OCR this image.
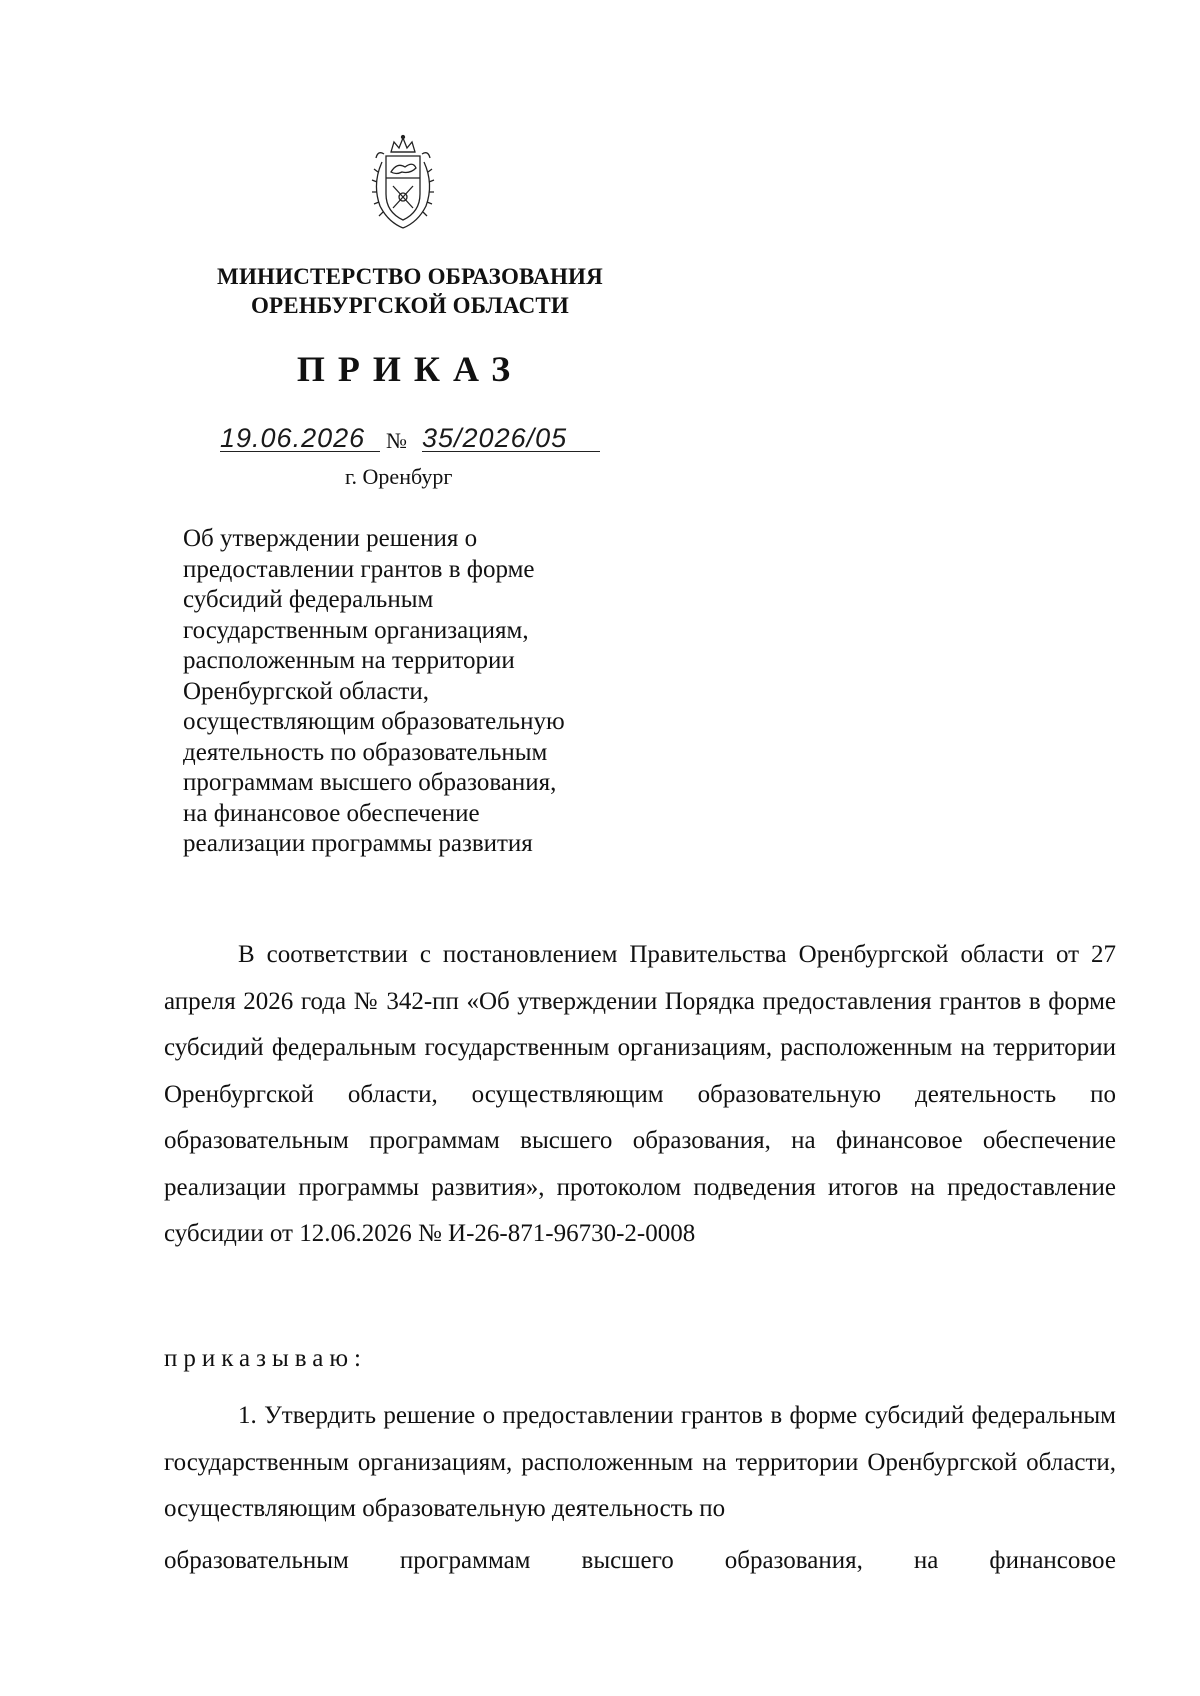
МИНИСТЕРСТВО ОБРАЗОВАНИЯ
ОРЕНБУРГСКОЙ ОБЛАСТИ
ПРИКАЗ
19.06.2026 № 35/2026/05
г. Оренбург
Об утверждении решения о
предоставлении грантов в форме
субсидий федеральным
государственным организациям,
расположенным на территории
Оренбургской области,
осуществляющим образовательную
деятельность по образовательным
программам высшего образования,
на финансовое обеспечение
реализации программы развития
В соответствии с постановлением Правительства Оренбургской области от 27 апреля 2026 года № 342-пп «Об утверждении Порядка предоставления грантов в форме субсидий федеральным государственным организациям, расположенным на территории Оренбургской области, осуществляющим образовательную деятельность по образовательным программам высшего образования, на финансовое обеспечение реализации программы развития», протоколом подведения итогов на предоставление субсидии от 12.06.2026 № И-26-871-96730-2-0008
приказываю:
1. Утвердить решение о предоставлении грантов в форме субсидий федеральным государственным организациям, расположенным на территории Оренбургской области, осуществляющим образовательную деятельность по
образовательным программам высшего образования, на финансовое
